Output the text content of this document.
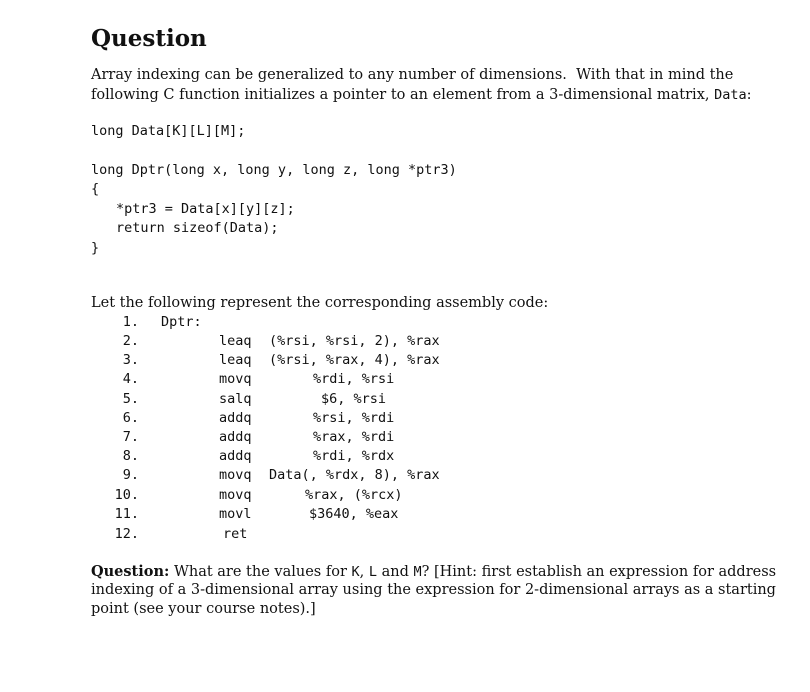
Question
Array indexing can be generalized to any number of dimensions.  With that in mind the
following C function initializes a pointer to an element from a 3-dimensional matrix, Data:
long Data[K][L][M];
long Dptr(long x, long y, long z, long *ptr3)
{
*ptr3 = Data[x][y][z];
return sizeof(Data);
}
Let the following represent the corresponding assembly code:
1. Dptr:
2.	leaq (%rsi, %rsi, 2), %rax
3.	leaq (%rsi, %rax, 4), %rax
4.	movq	%rdi, %rsi
5.	salq	$6, %rsi
6.	addq	%rsi, %rdi
7.	addq	%rax, %rdi
8.	addq	%rdi, %rdx
9.	movq Data(, %rdx, 8), %rax
10.	movq	%rax, (%rcx)
11.	movl	$3640, %eax
12.	ret
Question: What are the values for K, L and M? [Hint: first establish an expression for address
indexing of a 3-dimensional array using the expression for 2-dimensional arrays as a starting
point (see your course notes).]
